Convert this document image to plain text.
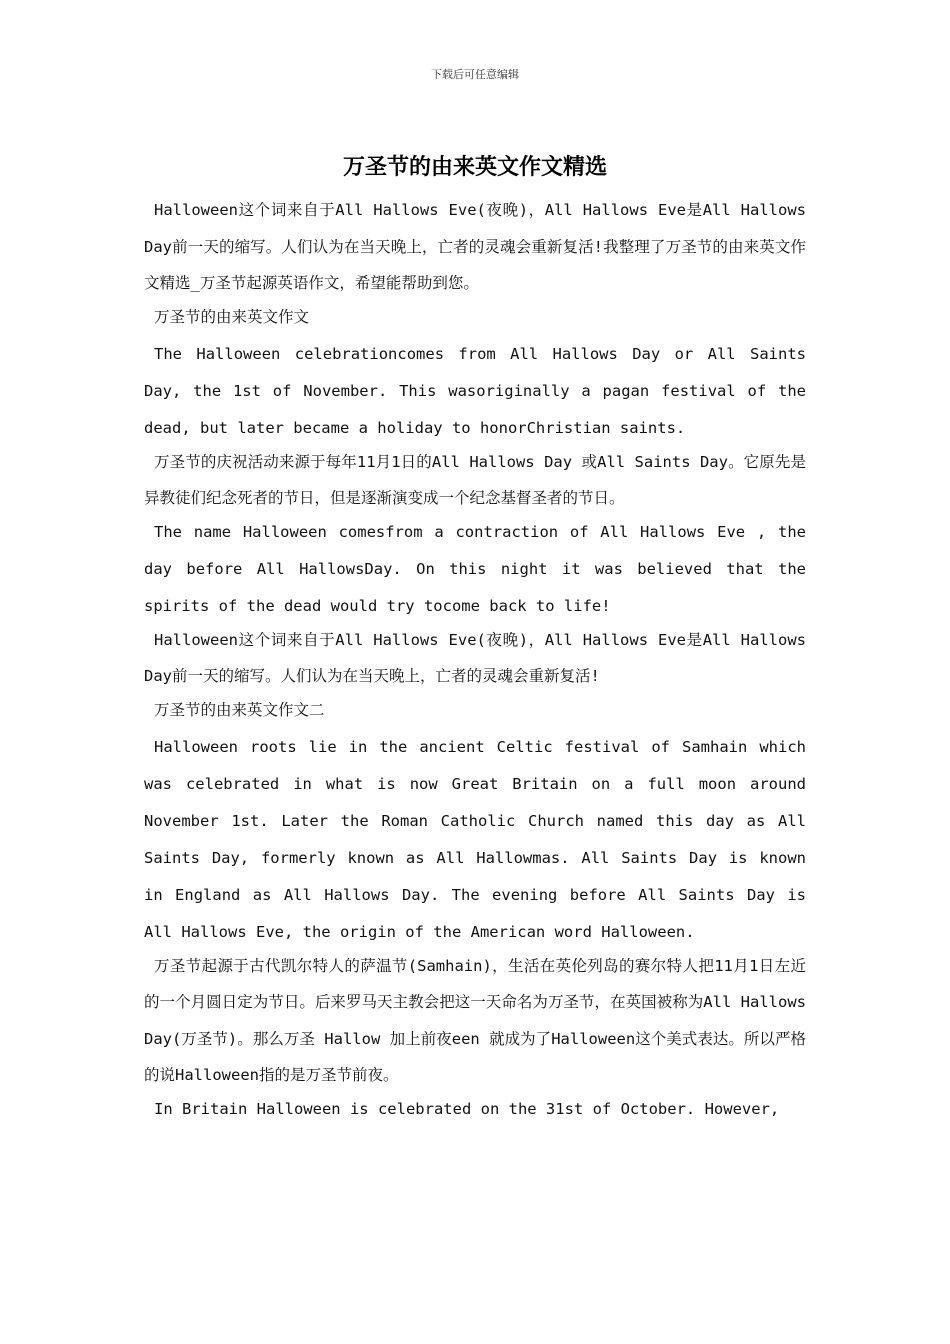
下载后可任意编辑
万圣节的由来英文作文精选

Halloween这个词来自于All Hallows Eve(夜晚)，All Hallows Eve是All Hallows Day前一天的缩写。人们认为在当天晚上，亡者的灵魂会重新复活!我整理了万圣节的由来英文作文精选_万圣节起源英语作文，希望能帮助到您。

万圣节的由来英文作文

The Halloween celebrationcomes from All Hallows Day or All Saints Day, the 1st of November. This wasoriginally a pagan festival of the dead, but later became a holiday to honorChristian saints.

万圣节的庆祝活动来源于每年11月1日的All Hallows Day 或All Saints Day。它原先是异教徒们纪念死者的节日，但是逐渐演变成一个纪念基督圣者的节日。

The name Halloween comesfrom a contraction of All Hallows Eve , the day before All HallowsDay. On this night it was believed that the spirits of the dead would try tocome back to life!

Halloween这个词来自于All Hallows Eve(夜晚)，All Hallows Eve是All Hallows Day前一天的缩写。人们认为在当天晚上，亡者的灵魂会重新复活!

万圣节的由来英文作文二

Halloween roots lie in the ancient Celtic festival of Samhain which was celebrated in what is now Great Britain on a full moon around November 1st. Later the Roman Catholic Church named this day as All Saints Day, formerly known as All Hallowmas. All Saints Day is known in England as All Hallows Day. The evening before All Saints Day is All Hallows Eve, the origin of the American word Halloween.

万圣节起源于古代凯尔特人的萨温节(Samhain)，生活在英伦列岛的赛尔特人把11月1日左近的一个月圆日定为节日。后来罗马天主教会把这一天命名为万圣节，在英国被称为All Hallows Day(万圣节)。那么万圣 Hallow 加上前夜een 就成为了Halloween这个美式表达。所以严格的说Halloween指的是万圣节前夜。

In Britain Halloween is celebrated on the 31st of October. However,
